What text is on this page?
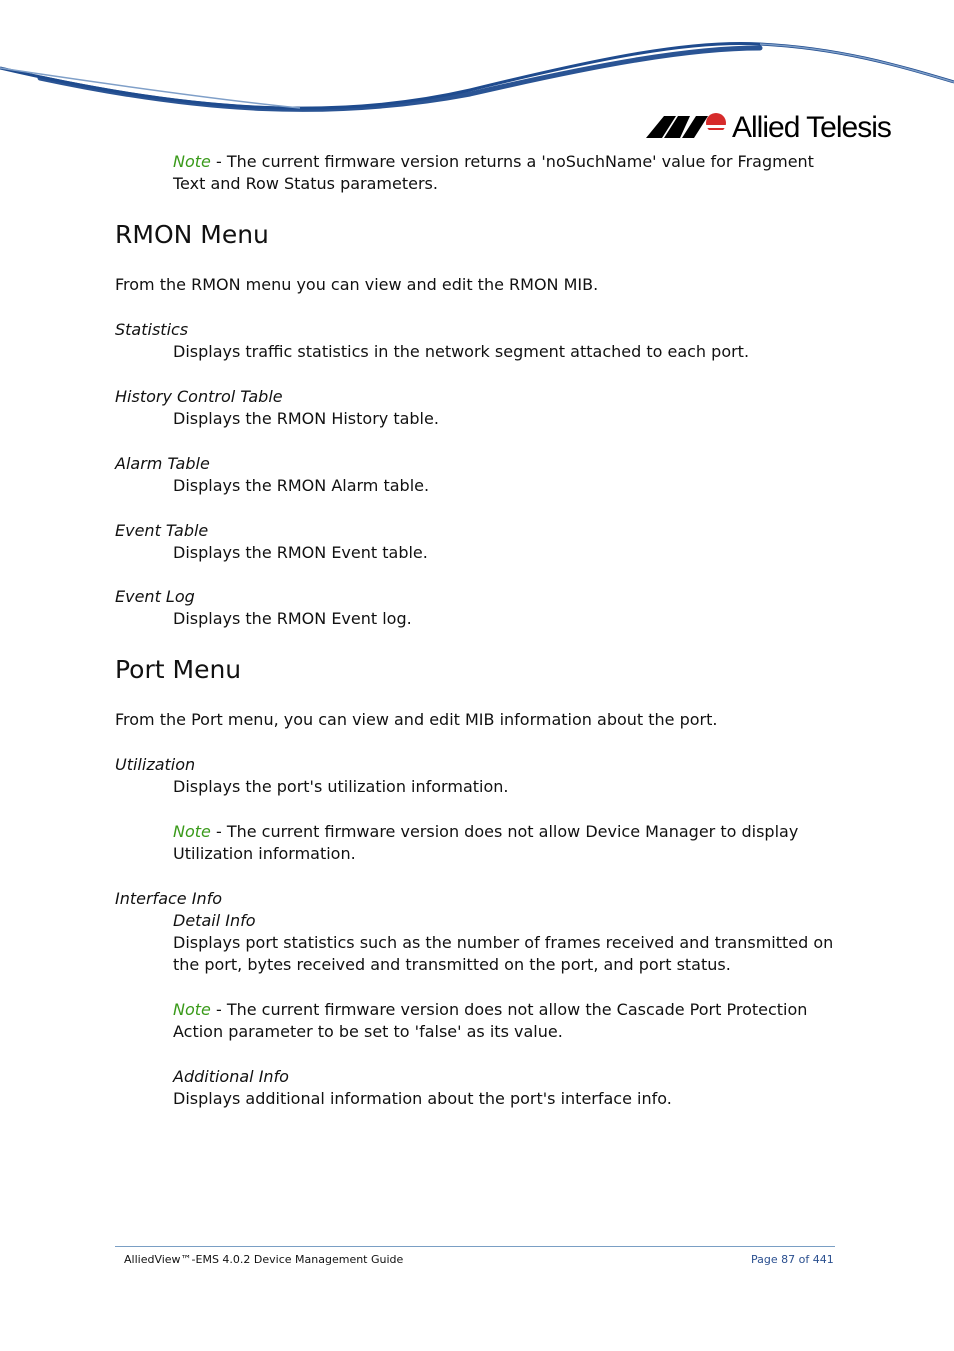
Allied Telesis
Note - The current firmware version returns a 'noSuchName' value for Fragment
Text and Row Status parameters.
RMON Menu
From the RMON menu you can view and edit the RMON MIB.
Statistics
Displays traffic statistics in the network segment attached to each port.
History Control Table
Displays the RMON History table.
Alarm Table
Displays the RMON Alarm table.
Event Table
Displays the RMON Event table.
Event Log
Displays the RMON Event log.
Port Menu
From the Port menu, you can view and edit MIB information about the port.
Utilization
Displays the port's utilization information.
Note - The current firmware version does not allow Device Manager to display
Utilization information.
Interface Info
Detail Info
Displays port statistics such as the number of frames received and transmitted on
the port, bytes received and transmitted on the port, and port status.
Note - The current firmware version does not allow the Cascade Port Protection
Action parameter to be set to 'false' as its value.
Additional Info
Displays additional information about the port's interface info.
AlliedView™-EMS 4.0.2 Device Management Guide	Page 87 of 441
